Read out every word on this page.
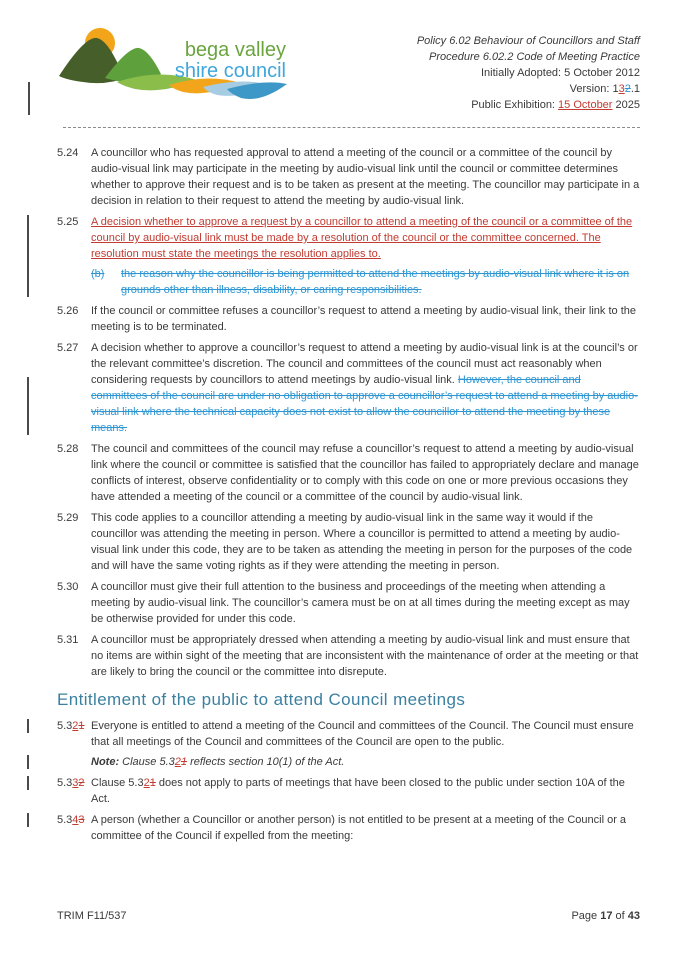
bega valley
shire council
Policy 6.02 Behaviour of Councillors and Staff
Procedure 6.02.2 Code of Meeting Practice
Initially Adopted: 5 October 2012
Version: 132.1
Public Exhibition: 15 October 2025
5.24	A councillor who has requested approval to attend a meeting of the council or a committee of the council by audio-visual link may participate in the meeting by audio-visual link until the council or committee determines whether to approve their request and is to be taken as present at the meeting. The councillor may participate in a decision in relation to their request to attend the meeting by audio-visual link.

5.25	A decision whether to approve a request by a councillor to attend a meeting of the council or a committee of the council by audio-visual link must be made by a resolution of the council or the committee concerned. The resolution must state the meetings the resolution applies to.

(b)	the reason why the councillor is being permitted to attend the meetings by audio-visual link where it is on grounds other than illness, disability, or caring responsibilities.

5.26	If the council or committee refuses a councillor’s request to attend a meeting by audio-visual link, their link to the meeting is to be terminated.

5.27	A decision whether to approve a councillor’s request to attend a meeting by audio-visual link is at the council’s or the relevant committee’s discretion. The council and committees of the council must act reasonably when considering requests by councillors to attend meetings by audio-visual link. However, the council and committees of the council are under no obligation to approve a councillor’s request to attend a meeting by audio-visual link where the technical capacity does not exist to allow the councillor to attend the meeting by these means.

5.28	The council and committees of the council may refuse a councillor’s request to attend a meeting by audio-visual link where the council or committee is satisfied that the councillor has failed to appropriately declare and manage conflicts of interest, observe confidentiality or to comply with this code on one or more previous occasions they have attended a meeting of the council or a committee of the council by audio-visual link.

5.29	This code applies to a councillor attending a meeting by audio-visual link in the same way it would if the councillor was attending the meeting in person. Where a councillor is permitted to attend a meeting by audio-visual link under this code, they are to be taken as attending the meeting in person for the purposes of the code and will have the same voting rights as if they were attending the meeting in person.

5.30	A councillor must give their full attention to the business and proceedings of the meeting when attending a meeting by audio-visual link. The councillor’s camera must be on at all times during the meeting except as may be otherwise provided for under this code.

5.31	A councillor must be appropriately dressed when attending a meeting by audio-visual link and must ensure that no items are within sight of the meeting that are inconsistent with the maintenance of order at the meeting or that are likely to bring the council or the committee into disrepute.

Entitlement of the public to attend Council meetings
5.321 Everyone is entitled to attend a meeting of the Council and committees of the Council. The Council must ensure that all meetings of the Council and committees of the Council are open to the public.

Note: Clause 5.321 reflects section 10(1) of the Act.

5.332 Clause 5.321 does not apply to parts of meetings that have been closed to the public under section 10A of the Act.

5.343 A person (whether a Councillor or another person) is not entitled to be present at a meeting of the Council or a committee of the Council if expelled from the meeting:

TRIM F11/537	Page 17 of 43
